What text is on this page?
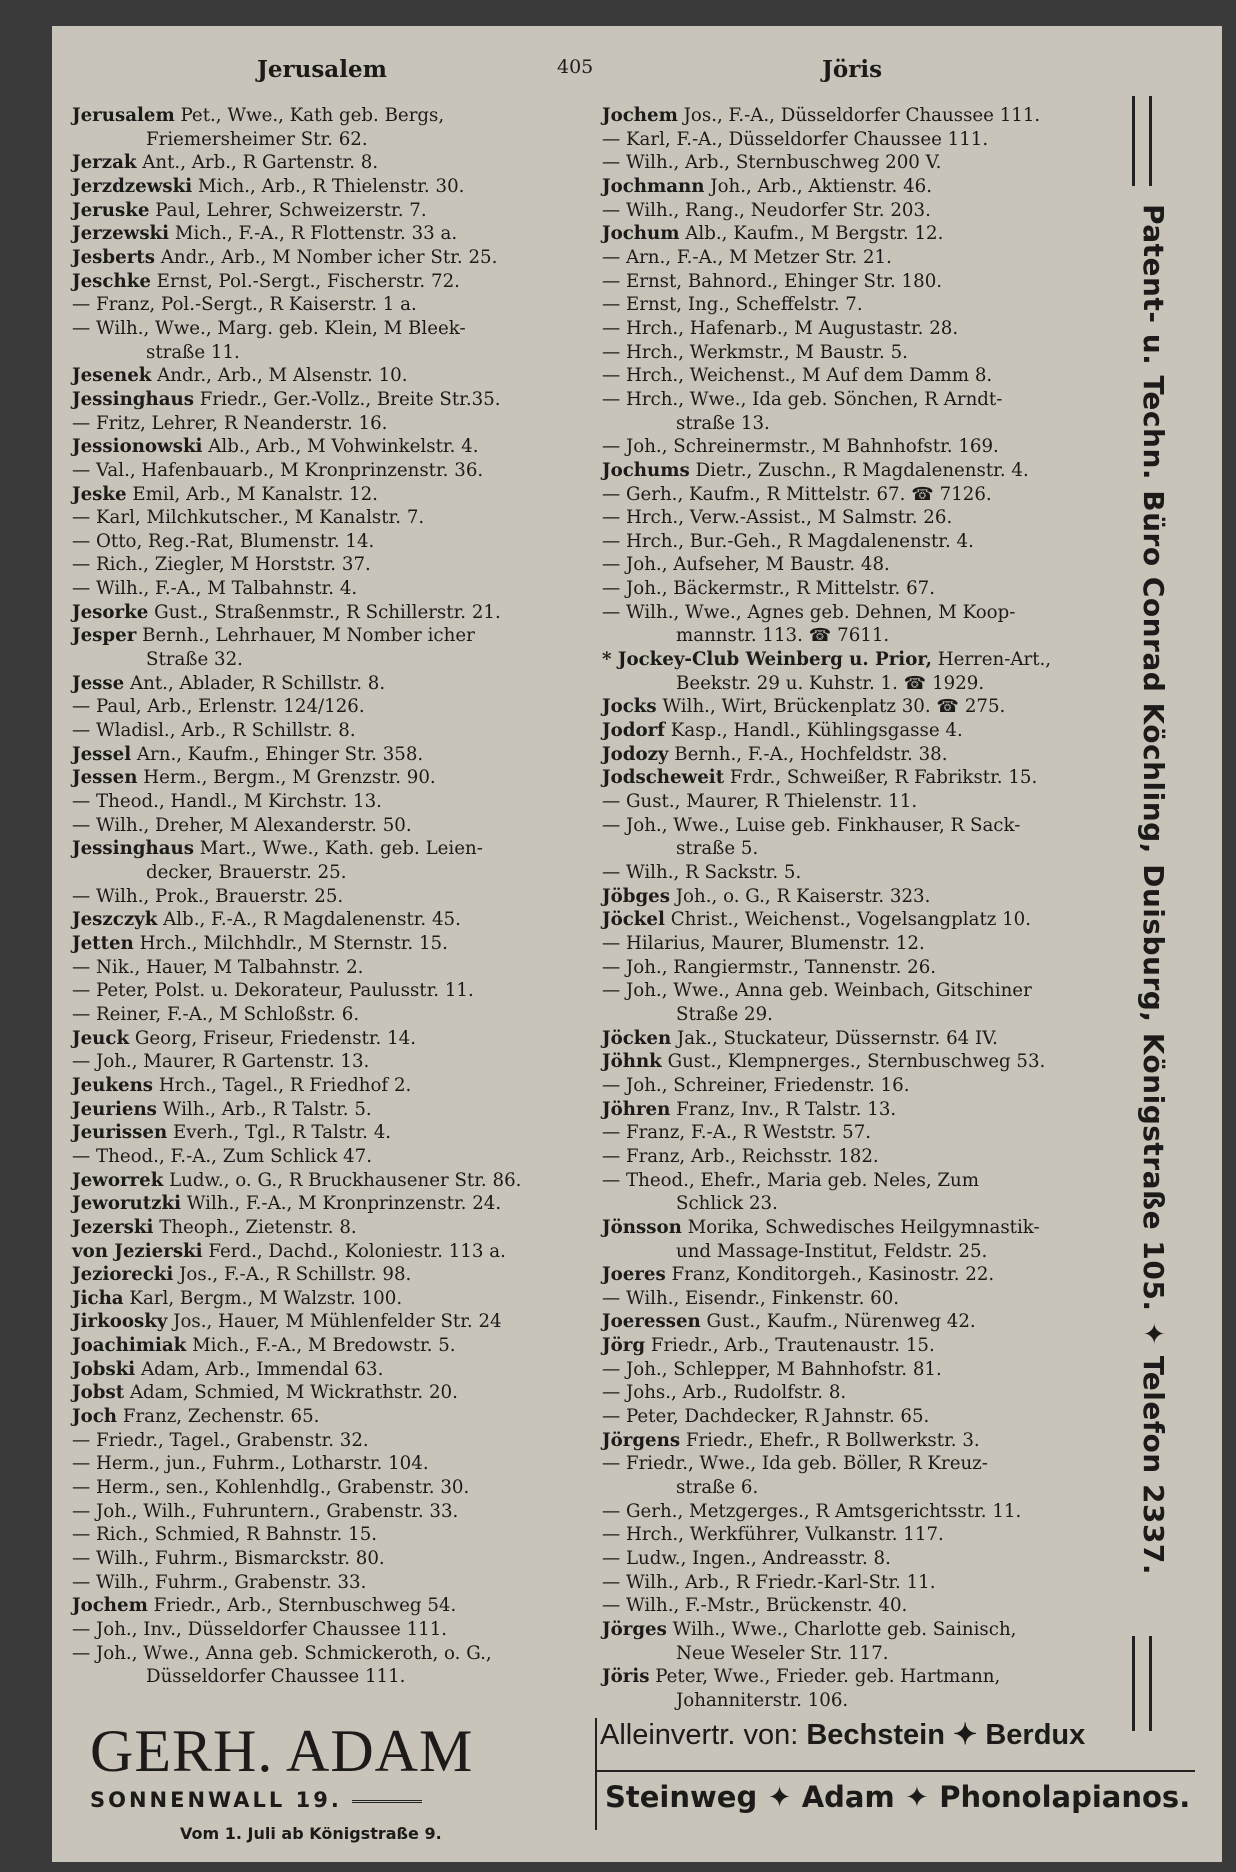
Jerusalem	405	Jöris
Jerusalem Pet., Wwe., Kath geb. Bergs,
Friemersheimer Str. 62.
Jerzak Ant., Arb., R Gartenstr. 8.
Jerzdzewski Mich., Arb., R Thielenstr. 30.
Jeruske Paul, Lehrer, Schweizerstr. 7.
Jerzewski Mich., F.-A., R Flottenstr. 33 a.
Jesberts Andr., Arb., M Nomber icher Str. 25.
Jeschke Ernst, Pol.-Sergt., Fischerstr. 72.
— Franz, Pol.-Sergt., R Kaiserstr. 1 a.
— Wilh., Wwe., Marg. geb. Klein, M Bleek-
straße 11.
Jesenek Andr., Arb., M Alsenstr. 10.
Jessinghaus Friedr., Ger.-Vollz., Breite Str.35.
— Fritz, Lehrer, R Neanderstr. 16.
Jessionowski Alb., Arb., M Vohwinkelstr. 4.
— Val., Hafenbauarb., M Kronprinzenstr. 36.
Jeske Emil, Arb., M Kanalstr. 12.
— Karl, Milchkutscher., M Kanalstr. 7.
— Otto, Reg.-Rat, Blumenstr. 14.
— Rich., Ziegler, M Horststr. 37.
— Wilh., F.-A., M Talbahnstr. 4.
Jesorke Gust., Straßenmstr., R Schillerstr. 21.
Jesper Bernh., Lehrhauer, M Nomber icher
Straße 32.
Jesse Ant., Ablader, R Schillstr. 8.
— Paul, Arb., Erlenstr. 124/126.
— Wladisl., Arb., R Schillstr. 8.
Jessel Arn., Kaufm., Ehinger Str. 358.
Jessen Herm., Bergm., M Grenzstr. 90.
— Theod., Handl., M Kirchstr. 13.
— Wilh., Dreher, M Alexanderstr. 50.
Jessinghaus Mart., Wwe., Kath. geb. Leien-
decker, Brauerstr. 25.
— Wilh., Prok., Brauerstr. 25.
Jeszczyk Alb., F.-A., R Magdalenenstr. 45.
Jetten Hrch., Milchhdlr., M Sternstr. 15.
— Nik., Hauer, M Talbahnstr. 2.
— Peter, Polst. u. Dekorateur, Paulusstr. 11.
— Reiner, F.-A., M Schloßstr. 6.
Jeuck Georg, Friseur, Friedenstr. 14.
— Joh., Maurer, R Gartenstr. 13.
Jeukens Hrch., Tagel., R Friedhof 2.
Jeuriens Wilh., Arb., R Talstr. 5.
Jeurissen Everh., Tgl., R Talstr. 4.
— Theod., F.-A., Zum Schlick 47.
Jeworrek Ludw., o. G., R Bruckhausener Str. 86.
Jeworutzki Wilh., F.-A., M Kronprinzenstr. 24.
Jezerski Theoph., Zietenstr. 8.
von Jezierski Ferd., Dachd., Koloniestr. 113 a.
Jeziorecki Jos., F.-A., R Schillstr. 98.
Jicha Karl, Bergm., M Walzstr. 100.
Jirkoosky Jos., Hauer, M Mühlenfelder Str. 24
Joachimiak Mich., F.-A., M Bredowstr. 5.
Jobski Adam, Arb., Immendal 63.
Jobst Adam, Schmied, M Wickrathstr. 20.
Joch Franz, Zechenstr. 65.
— Friedr., Tagel., Grabenstr. 32.
— Herm., jun., Fuhrm., Lotharstr. 104.
— Herm., sen., Kohlenhdlg., Grabenstr. 30.
— Joh., Wilh., Fuhruntern., Grabenstr. 33.
— Rich., Schmied, R Bahnstr. 15.
— Wilh., Fuhrm., Bismarckstr. 80.
— Wilh., Fuhrm., Grabenstr. 33.
Jochem Friedr., Arb., Sternbuschweg 54.
— Joh., Inv., Düsseldorfer Chaussee 111.
— Joh., Wwe., Anna geb. Schmickeroth, o. G.,
Düsseldorfer Chaussee 111.
Jochem Jos., F.-A., Düsseldorfer Chaussee 111.
— Karl, F.-A., Düsseldorfer Chaussee 111.
— Wilh., Arb., Sternbuschweg 200 V.
Jochmann Joh., Arb., Aktienstr. 46.
— Wilh., Rang., Neudorfer Str. 203.
Jochum Alb., Kaufm., M Bergstr. 12.
— Arn., F.-A., M Metzer Str. 21.
— Ernst, Bahnord., Ehinger Str. 180.
— Ernst, Ing., Scheffelstr. 7.
— Hrch., Hafenarb., M Augustastr. 28.
— Hrch., Werkmstr., M Baustr. 5.
— Hrch., Weichenst., M Auf dem Damm 8.
— Hrch., Wwe., Ida geb. Sönchen, R Arndt-
straße 13.
— Joh., Schreinermstr., M Bahnhofstr. 169.
Jochums Dietr., Zuschn., R Magdalenenstr. 4.
— Gerh., Kaufm., R Mittelstr. 67. ☎ 7126.
— Hrch., Verw.-Assist., M Salmstr. 26.
— Hrch., Bur.-Geh., R Magdalenenstr. 4.
— Joh., Aufseher, M Baustr. 48.
— Joh., Bäckermstr., R Mittelstr. 67.
— Wilh., Wwe., Agnes geb. Dehnen, M Koop-
mannstr. 113. ☎ 7611.
* Jockey-Club Weinberg u. Prior, Herren-Art.,
Beekstr. 29 u. Kuhstr. 1. ☎ 1929.
Jocks Wilh., Wirt, Brückenplatz 30. ☎ 275.
Jodorf Kasp., Handl., Kühlingsgasse 4.
Jodozy Bernh., F.-A., Hochfeldstr. 38.
Jodscheweit Frdr., Schweißer, R Fabrikstr. 15.
— Gust., Maurer, R Thielenstr. 11.
— Joh., Wwe., Luise geb. Finkhauser, R Sack-
straße 5.
— Wilh., R Sackstr. 5.
Jöbges Joh., o. G., R Kaiserstr. 323.
Jöckel Christ., Weichenst., Vogelsangplatz 10.
— Hilarius, Maurer, Blumenstr. 12.
— Joh., Rangiermstr., Tannenstr. 26.
— Joh., Wwe., Anna geb. Weinbach, Gitschiner
Straße 29.
Jöcken Jak., Stuckateur, Düssernstr. 64 IV.
Jöhnk Gust., Klempnerges., Sternbuschweg 53.
— Joh., Schreiner, Friedenstr. 16.
Jöhren Franz, Inv., R Talstr. 13.
— Franz, F.-A., R Weststr. 57.
— Franz, Arb., Reichsstr. 182.
— Theod., Ehefr., Maria geb. Neles, Zum
Schlick 23.
Jönsson Morika, Schwedisches Heilgymnastik-
und Massage-Institut, Feldstr. 25.
Joeres Franz, Konditorgeh., Kasinostr. 22.
— Wilh., Eisendr., Finkenstr. 60.
Joeressen Gust., Kaufm., Nürenweg 42.
Jörg Friedr., Arb., Trautenaustr. 15.
— Joh., Schlepper, M Bahnhofstr. 81.
— Johs., Arb., Rudolfstr. 8.
— Peter, Dachdecker, R Jahnstr. 65.
Jörgens Friedr., Ehefr., R Bollwerkstr. 3.
— Friedr., Wwe., Ida geb. Böller, R Kreuz-
straße 6.
— Gerh., Metzgerges., R Amtsgerichtsstr. 11.
— Hrch., Werkführer, Vulkanstr. 117.
— Ludw., Ingen., Andreasstr. 8.
— Wilh., Arb., R Friedr.-Karl-Str. 11.
— Wilh., F.-Mstr., Brückenstr. 40.
Jörges Wilh., Wwe., Charlotte geb. Sainisch,
Neue Weseler Str. 117.
Jöris Peter, Wwe., Frieder. geb. Hartmann,
Johanniterstr. 106.
Patent- u. Techn. Büro Conrad Köchling, Duisburg, Königstraße 105. ✦ Telefon 2337.
GERH. ADAM
SONNENWALL 19.
Vom 1. Juli ab Königstraße 9.
Alleinvertr. von: Bechstein ✦ Berdux
Steinweg ✦ Adam ✦ Phonolapianos.
